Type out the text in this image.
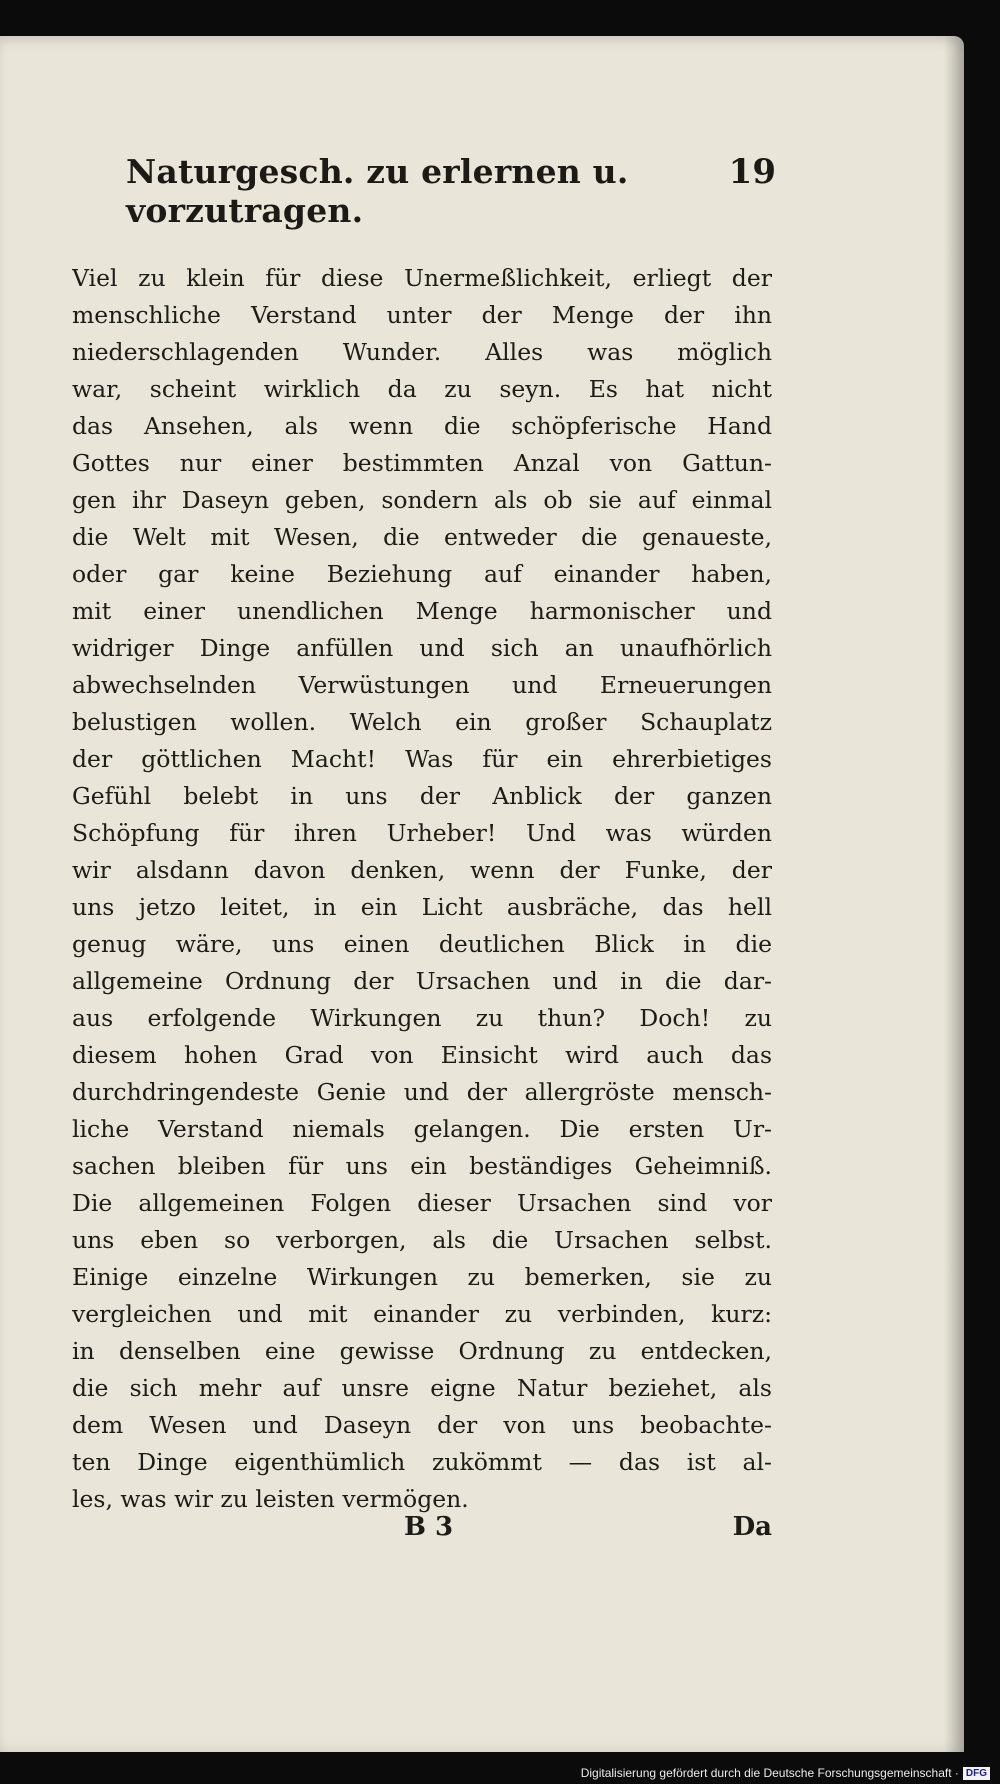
Naturgesch. zu erlernen u. vorzutragen.
19
Viel zu klein für diese Unermeßlichkeit, erliegt der
menschliche Verstand unter der Menge der ihn
niederschlagenden Wunder. Alles was möglich
war, scheint wirklich da zu seyn. Es hat nicht
das Ansehen, als wenn die schöpferische Hand
Gottes nur einer bestimmten Anzal von Gattun-
gen ihr Daseyn geben, sondern als ob sie auf einmal
die Welt mit Wesen, die entweder die genaueste,
oder gar keine Beziehung auf einander haben,
mit einer unendlichen Menge harmonischer und
widriger Dinge anfüllen und sich an unaufhörlich
abwechselnden Verwüstungen und Erneuerungen
belustigen wollen. Welch ein großer Schauplatz
der göttlichen Macht! Was für ein ehrerbietiges
Gefühl belebt in uns der Anblick der ganzen
Schöpfung für ihren Urheber! Und was würden
wir alsdann davon denken, wenn der Funke, der
uns jetzo leitet, in ein Licht ausbräche, das hell
genug wäre, uns einen deutlichen Blick in die
allgemeine Ordnung der Ursachen und in die dar-
aus erfolgende Wirkungen zu thun? Doch! zu
diesem hohen Grad von Einsicht wird auch das
durchdringendeste Genie und der allergröste mensch-
liche Verstand niemals gelangen. Die ersten Ur-
sachen bleiben für uns ein beständiges Geheimniß.
Die allgemeinen Folgen dieser Ursachen sind vor
uns eben so verborgen, als die Ursachen selbst.
Einige einzelne Wirkungen zu bemerken, sie zu
vergleichen und mit einander zu verbinden, kurz:
in denselben eine gewisse Ordnung zu entdecken,
die sich mehr auf unsre eigne Natur beziehet, als
dem Wesen und Daseyn der von uns beobachte-
ten Dinge eigenthümlich zukömmt — das ist al-
les, was wir zu leisten vermögen.
B 3	Da
Digitalisierung gefördert durch die Deutsche Forschungsgemeinschaft · DFG
